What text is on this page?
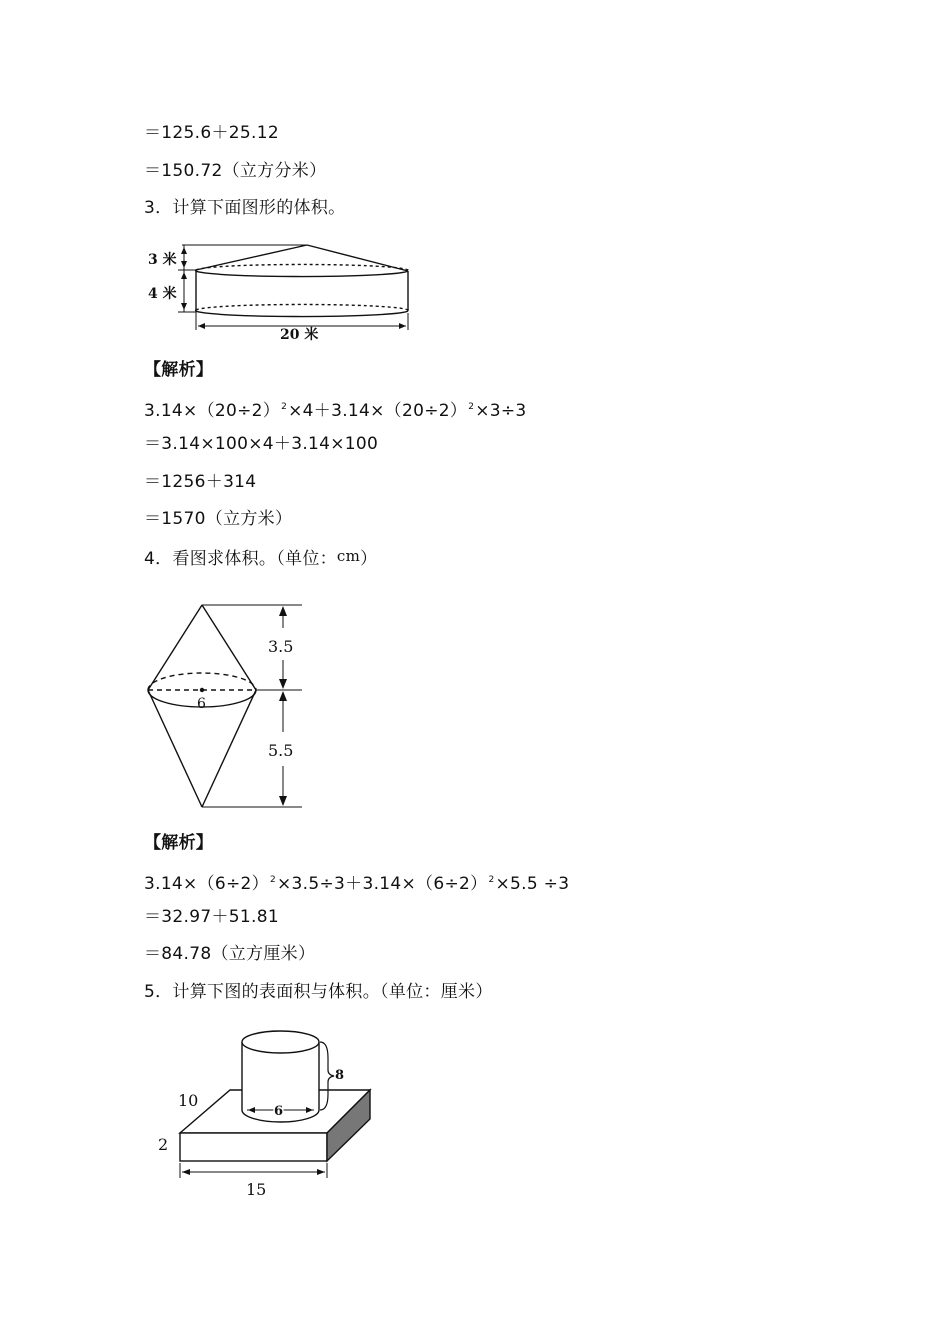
＝125.6＋25.12
＝150.72（立方分米）
3．计算下面图形的体积。
3 米
4 米
20 米
【解析】
$3.14\times(20\div 2)^2\times 4+3.14\times(20\div 2)^2\times 3\div 3$
＝3.14×100×4＋3.14×100
＝1256＋314
＝1570（立方米）
4．看图求体积。（单位：cm）
3.5
5.5
6
【解析】
$3.14\times(6\div 2)^2\times 3.5\div 3+3.14\times(6\div 2)^2\times 5.5 \div 3$
＝32.97＋51.81
＝84.78（立方厘米）
5．计算下图的表面积与体积。（单位：厘米）
10
2
15
8
6
